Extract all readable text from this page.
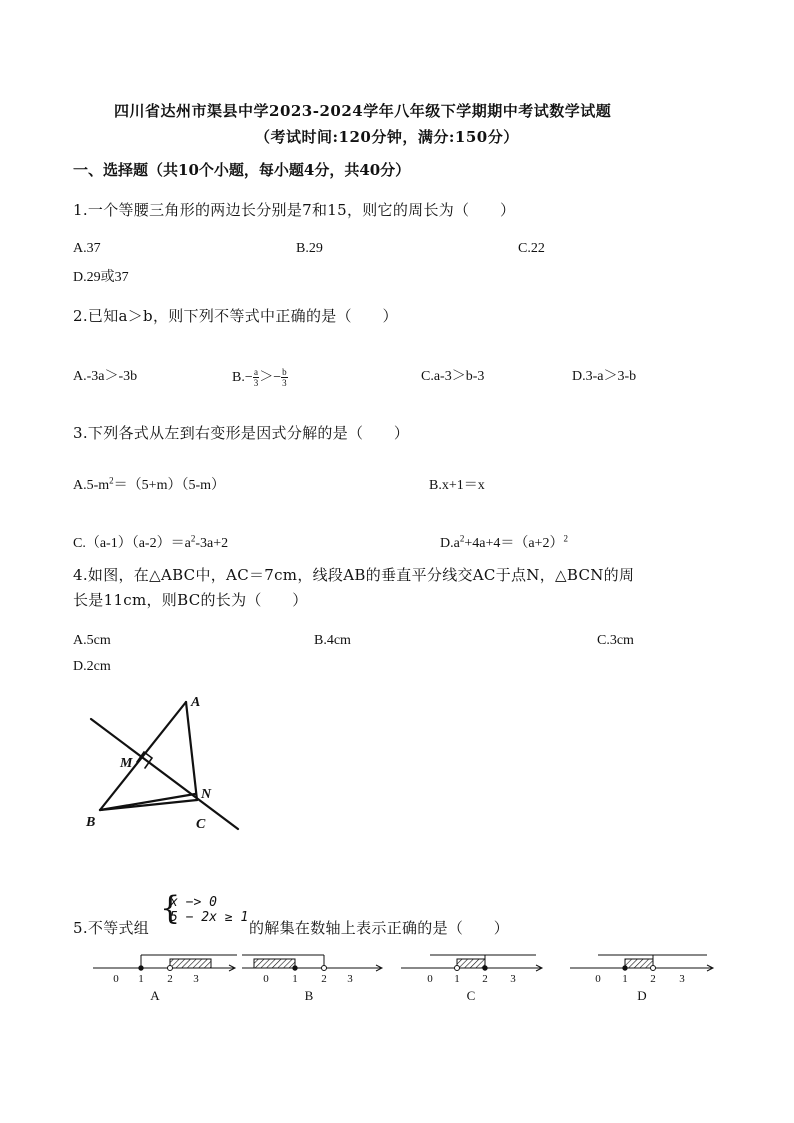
四川省达州市渠县中学2023-2024学年八年级下学期期中考试数学试题
（考试时间:120分钟，满分:150分）
一、选择题（共10个小题，每小题4分，共40分）
1.一个等腰三角形的两边长分别是7和15，则它的周长为（　　）
A.37	B.29	C.22
D.29或37
2.已知a＞b，则下列不等式中正确的是（　　）
A.-3a＞-3b	$B.- \frac{a}{3} >- \frac{b}{3}$	C.a-3＞b-3	D.3-a＞3-b
3.下列各式从左到右变形是因式分解的是（　　）
$A.5-m^2=(5+m)(5-m)$	B.x+1＝x
$C.(a-1)(a-2)=a^2-3a+2$	$D.a^2+4a+4=(a+2)^2$
4.如图，在△ABC中，AC＝7cm，线段AB的垂直平分线交AC于点N，△BCN的周
长是11cm，则BC的长为（　　）
A.5cm	B.4cm	C.3cm
D.2cm
A
M
N
B	C
5.不等式组
{
x −> 0
5 − 2x ≥ 1
的解集在数轴上表示正确的是（　　）
0 1 2 3	0 1 2 3	0 1 2 3	0 1 2 3
A	B	C	D
